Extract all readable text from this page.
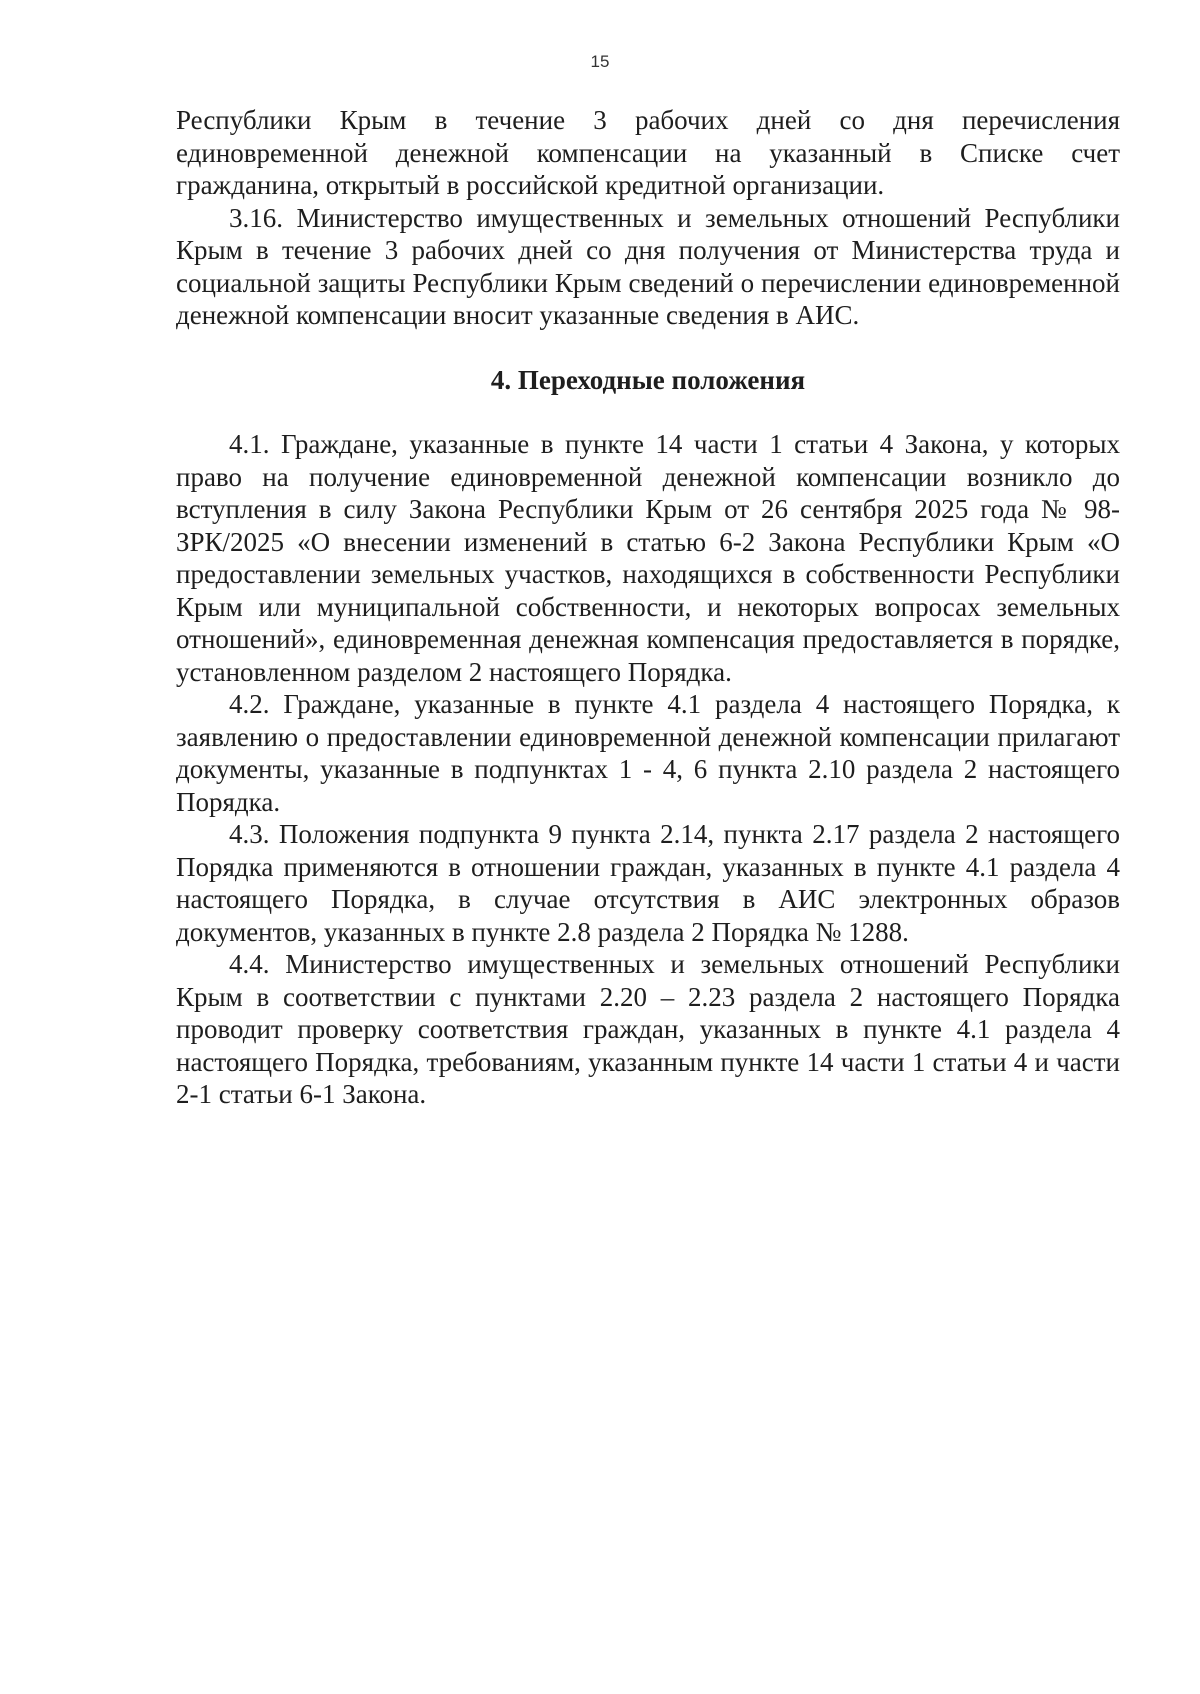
15

Республики Крым в течение 3 рабочих дней со дня перечисления единовременной денежной компенсации на указанный в Списке счет гражданина, открытый в российской кредитной организации.

3.16. Министерство имущественных и земельных отношений Республики Крым в течение 3 рабочих дней со дня получения от Министерства труда и социальной защиты Республики Крым сведений о перечислении единовременной денежной компенсации вносит указанные сведения в АИС.

4. Переходные положения

4.1. Граждане, указанные в пункте 14 части 1 статьи 4 Закона, у которых право на получение единовременной денежной компенсации возникло до вступления в силу Закона Республики Крым от 26 сентября 2025 года № 98-ЗРК/2025 «О внесении изменений в статью 6-2 Закона Республики Крым «О предоставлении земельных участков, находящихся в собственности Республики Крым или муниципальной собственности, и некоторых вопросах земельных отношений», единовременная денежная компенсация предоставляется в порядке, установленном разделом 2 настоящего Порядка.

4.2. Граждане, указанные в пункте 4.1 раздела 4 настоящего Порядка, к заявлению о предоставлении единовременной денежной компенсации прилагают документы, указанные в подпунктах 1 - 4, 6 пункта 2.10 раздела 2 настоящего Порядка.

4.3. Положения подпункта 9 пункта 2.14, пункта 2.17 раздела 2 настоящего Порядка применяются в отношении граждан, указанных в пункте 4.1 раздела 4 настоящего Порядка, в случае отсутствия в АИС электронных образов документов, указанных в пункте 2.8 раздела 2 Порядка № 1288.

4.4. Министерство имущественных и земельных отношений Республики Крым в соответствии с пунктами 2.20 – 2.23 раздела 2 настоящего Порядка проводит проверку соответствия граждан, указанных в пункте 4.1 раздела 4 настоящего Порядка, требованиям, указанным пункте 14 части 1 статьи 4 и части 2-1 статьи 6-1 Закона.
